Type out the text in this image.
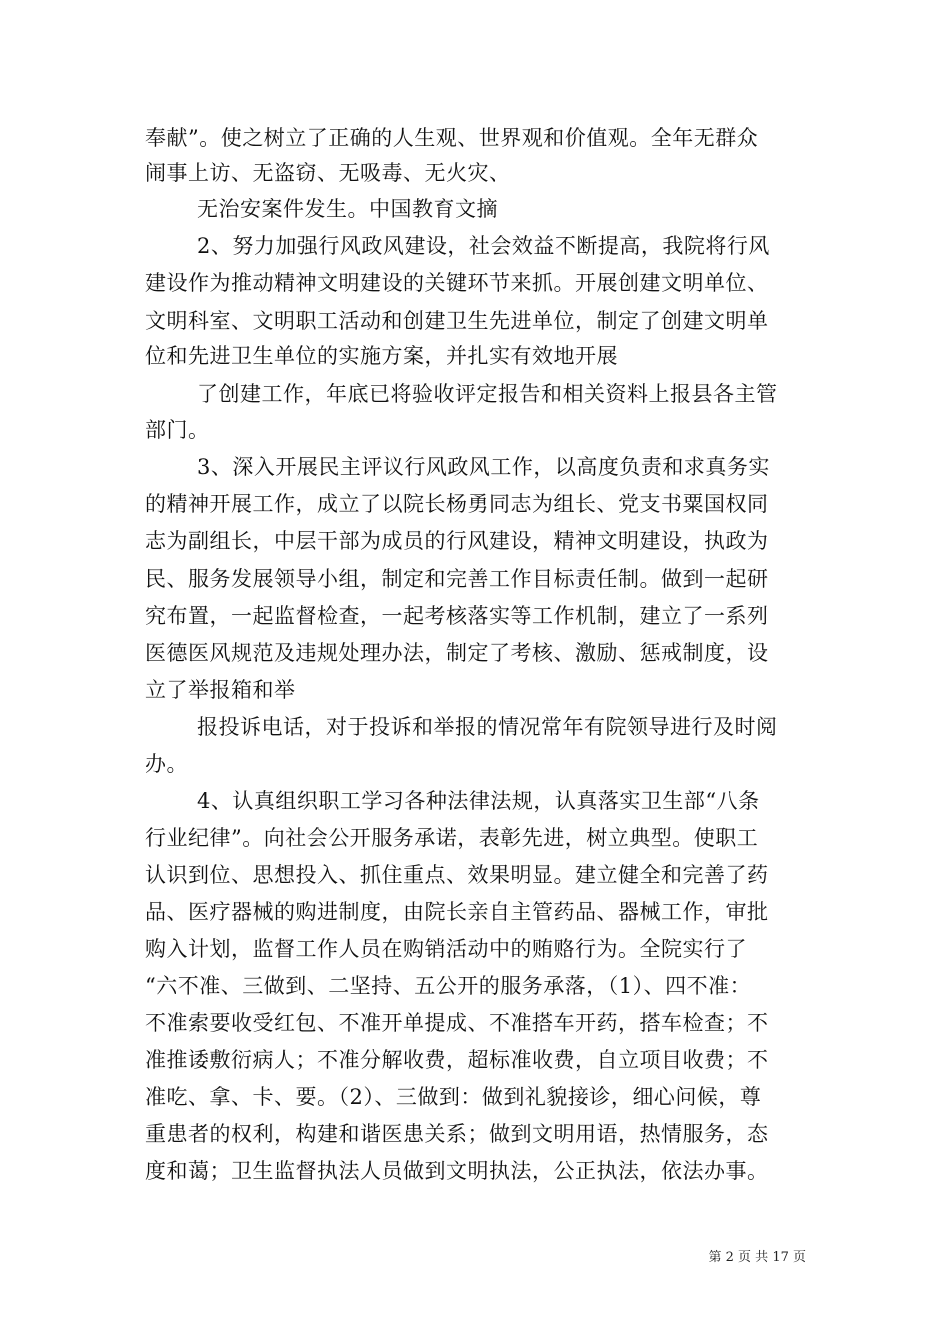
奉献”。使之树立了正确的人生观、世界观和价值观。全年无群众
闹事上访、无盗窃、无吸毒、无火灾、
无治安案件发生。中国教育文摘
2、努力加强行风政风建设，社会效益不断提高，我院将行风
建设作为推动精神文明建设的关键环节来抓。开展创建文明单位、
文明科室、文明职工活动和创建卫生先进单位，制定了创建文明单
位和先进卫生单位的实施方案，并扎实有效地开展
了创建工作，年底已将验收评定报告和相关资料上报县各主管
部门。
3、深入开展民主评议行风政风工作，以高度负责和求真务实
的精神开展工作，成立了以院长杨勇同志为组长、党支书粟国权同
志为副组长，中层干部为成员的行风建设，精神文明建设，执政为
民、服务发展领导小组，制定和完善工作目标责任制。做到一起研
究布置，一起监督检查，一起考核落实等工作机制，建立了一系列
医德医风规范及违规处理办法，制定了考核、激励、惩戒制度，设
立了举报箱和举
报投诉电话，对于投诉和举报的情况常年有院领导进行及时阅
办。
4、认真组织职工学习各种法律法规，认真落实卫生部“八条
行业纪律”。向社会公开服务承诺，表彰先进，树立典型。使职工
认识到位、思想投入、抓住重点、效果明显。建立健全和完善了药
品、医疗器械的购进制度，由院长亲自主管药品、器械工作，审批
购入计划，监督工作人员在购销活动中的贿赂行为。全院实行了
“六不准、三做到、二坚持、五公开的服务承落，（1）、四不准：
不准索要收受红包、不准开单提成、不准搭车开药，搭车检查；不
准推诿敷衍病人；不准分解收费，超标准收费，自立项目收费；不
准吃、拿、卡、要。（2）、三做到：做到礼貌接诊，细心问候，尊
重患者的权利，构建和谐医患关系；做到文明用语，热情服务，态
度和蔼；卫生监督执法人员做到文明执法，公正执法，依法办事。
第 2 页 共 17 页
